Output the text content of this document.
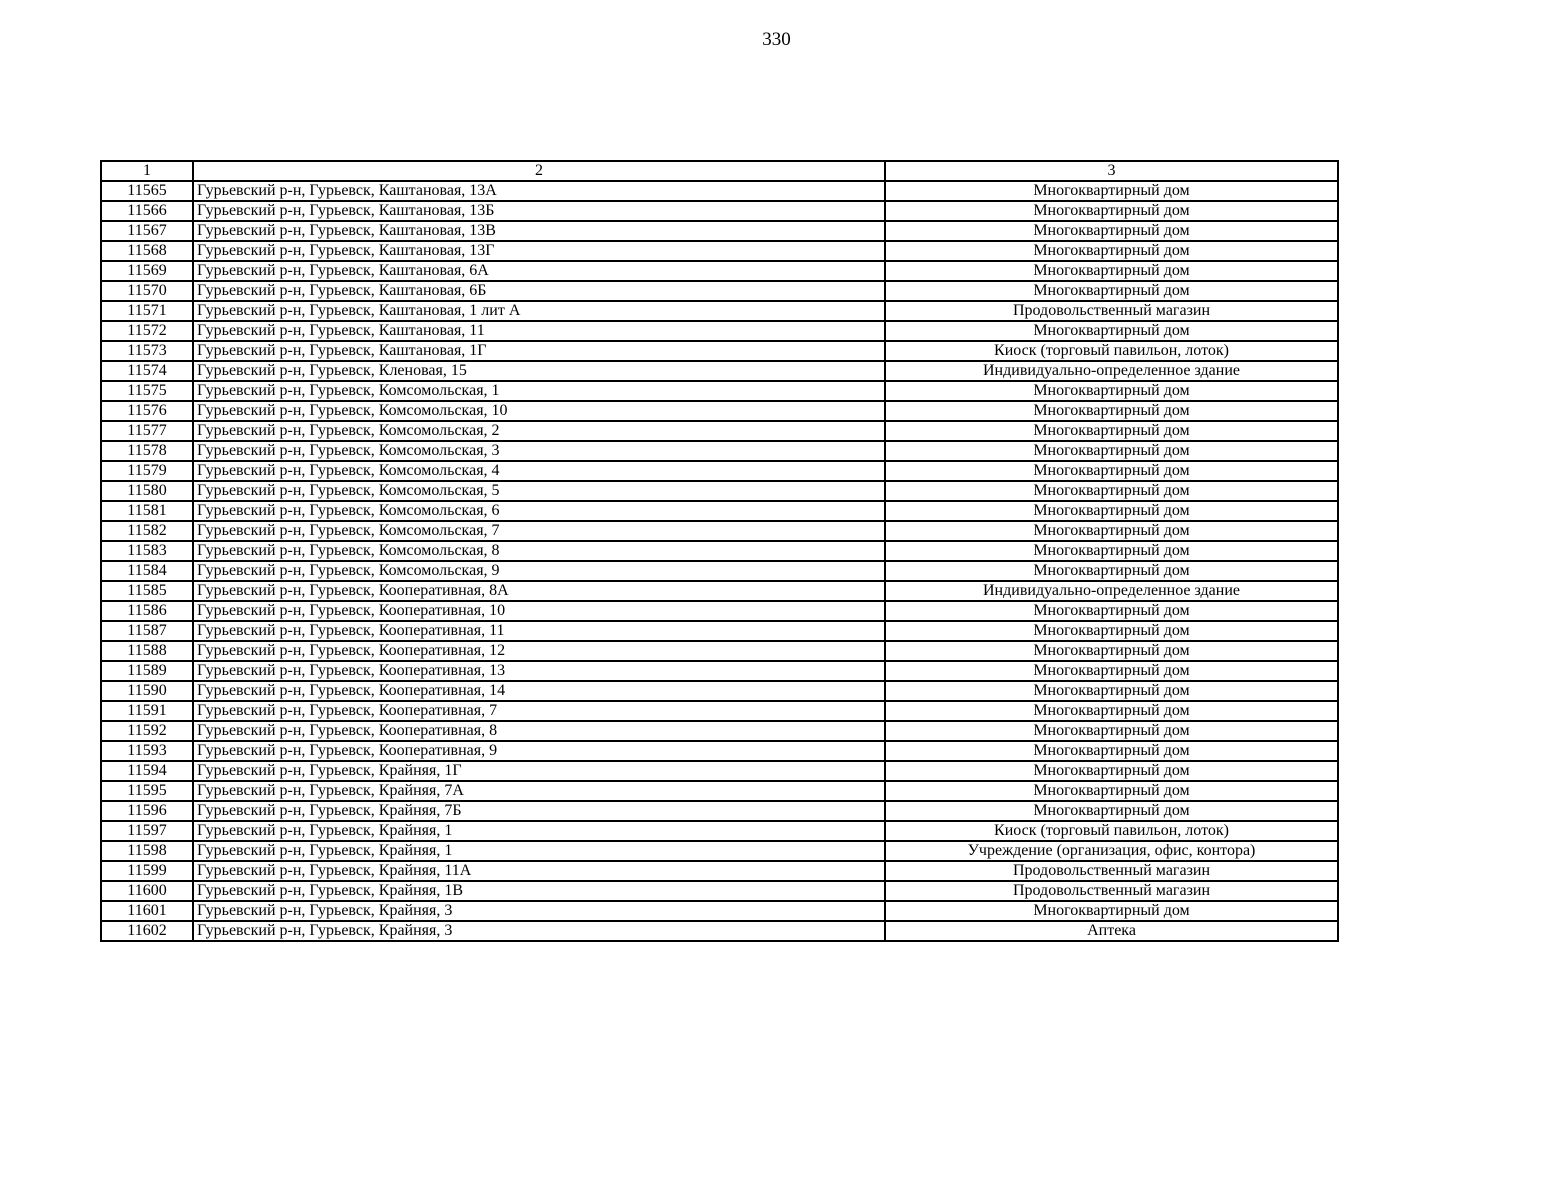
330
1	2	3
11565	Гурьевский р-н, Гурьевск, Каштановая, 13А	Многоквартирный дом
11566	Гурьевский р-н, Гурьевск, Каштановая, 13Б	Многоквартирный дом
11567	Гурьевский р-н, Гурьевск, Каштановая, 13В	Многоквартирный дом
11568	Гурьевский р-н, Гурьевск, Каштановая, 13Г	Многоквартирный дом
11569	Гурьевский р-н, Гурьевск, Каштановая, 6А	Многоквартирный дом
11570	Гурьевский р-н, Гурьевск, Каштановая, 6Б	Многоквартирный дом
11571	Гурьевский р-н, Гурьевск, Каштановая, 1 лит А	Продовольственный магазин
11572	Гурьевский р-н, Гурьевск, Каштановая, 11	Многоквартирный дом
11573	Гурьевский р-н, Гурьевск, Каштановая, 1Г	Киоск (торговый павильон, лоток)
11574	Гурьевский р-н, Гурьевск, Кленовая, 15	Индивидуально-определенное здание
11575	Гурьевский р-н, Гурьевск, Комсомольская, 1	Многоквартирный дом
11576	Гурьевский р-н, Гурьевск, Комсомольская, 10	Многоквартирный дом
11577	Гурьевский р-н, Гурьевск, Комсомольская, 2	Многоквартирный дом
11578	Гурьевский р-н, Гурьевск, Комсомольская, 3	Многоквартирный дом
11579	Гурьевский р-н, Гурьевск, Комсомольская, 4	Многоквартирный дом
11580	Гурьевский р-н, Гурьевск, Комсомольская, 5	Многоквартирный дом
11581	Гурьевский р-н, Гурьевск, Комсомольская, 6	Многоквартирный дом
11582	Гурьевский р-н, Гурьевск, Комсомольская, 7	Многоквартирный дом
11583	Гурьевский р-н, Гурьевск, Комсомольская, 8	Многоквартирный дом
11584	Гурьевский р-н, Гурьевск, Комсомольская, 9	Многоквартирный дом
11585	Гурьевский р-н, Гурьевск, Кооперативная, 8А	Индивидуально-определенное здание
11586	Гурьевский р-н, Гурьевск, Кооперативная, 10	Многоквартирный дом
11587	Гурьевский р-н, Гурьевск, Кооперативная, 11	Многоквартирный дом
11588	Гурьевский р-н, Гурьевск, Кооперативная, 12	Многоквартирный дом
11589	Гурьевский р-н, Гурьевск, Кооперативная, 13	Многоквартирный дом
11590	Гурьевский р-н, Гурьевск, Кооперативная, 14	Многоквартирный дом
11591	Гурьевский р-н, Гурьевск, Кооперативная, 7	Многоквартирный дом
11592	Гурьевский р-н, Гурьевск, Кооперативная, 8	Многоквартирный дом
11593	Гурьевский р-н, Гурьевск, Кооперативная, 9	Многоквартирный дом
11594	Гурьевский р-н, Гурьевск, Крайняя, 1Г	Многоквартирный дом
11595	Гурьевский р-н, Гурьевск, Крайняя, 7А	Многоквартирный дом
11596	Гурьевский р-н, Гурьевск, Крайняя, 7Б	Многоквартирный дом
11597	Гурьевский р-н, Гурьевск, Крайняя, 1	Киоск (торговый павильон, лоток)
11598	Гурьевский р-н, Гурьевск, Крайняя, 1	Учреждение (организация, офис, контора)
11599	Гурьевский р-н, Гурьевск, Крайняя, 11А	Продовольственный магазин
11600	Гурьевский р-н, Гурьевск, Крайняя, 1В	Продовольственный магазин
11601	Гурьевский р-н, Гурьевск, Крайняя, 3	Многоквартирный дом
11602	Гурьевский р-н, Гурьевск, Крайняя, 3	Аптека
